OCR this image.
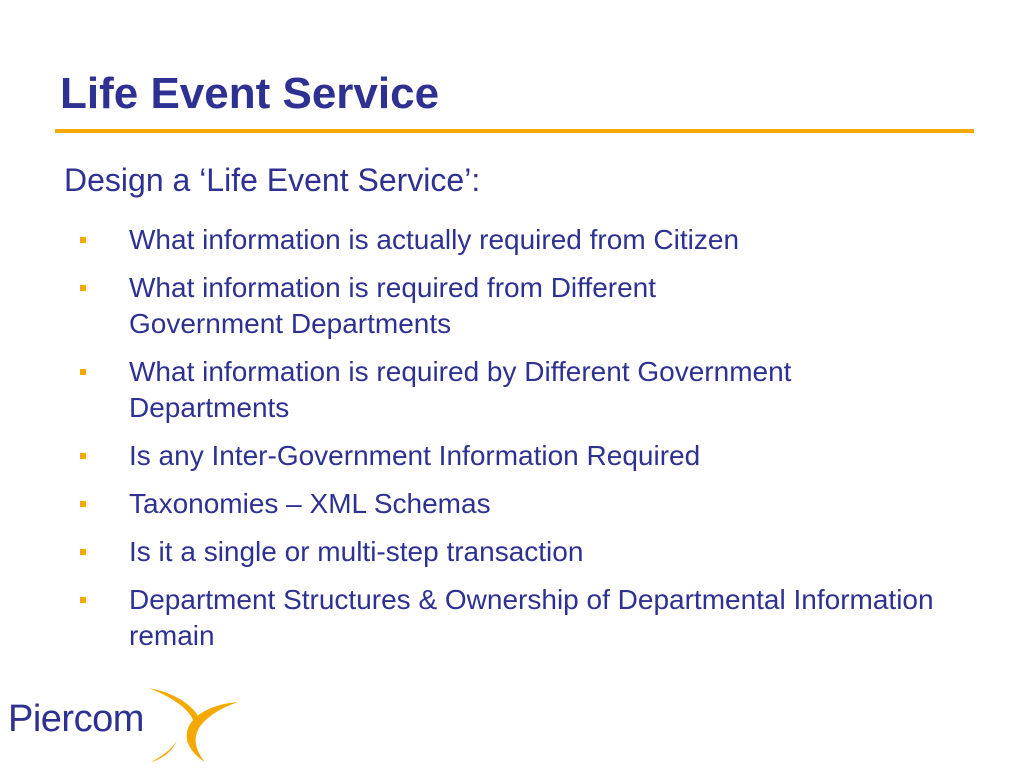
Life Event Service
Design a ‘Life Event Service’:
What information is actually required from Citizen
What information is required from Different Government Departments
What information is required by Different Government Departments
Is any Inter-Government Information Required
Taxonomies – XML Schemas
Is it a single or multi-step transaction
Department Structures & Ownership of Departmental Information remain
Piercom
